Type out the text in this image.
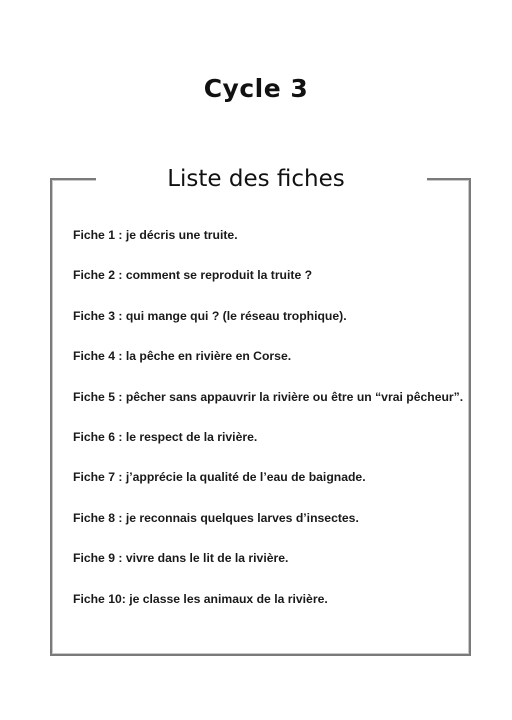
Cycle 3
Liste des fiches
Fiche 1 : je décris une truite.
Fiche 2 : comment se reproduit la truite ?
Fiche 3 : qui mange qui ? (le réseau trophique).
Fiche 4 : la pêche en rivière en Corse.
Fiche 5 : pêcher sans appauvrir la rivière ou être un “vrai pêcheur”.
Fiche 6 : le respect de la rivière.
Fiche 7 : j’apprécie la qualité de l’eau de baignade.
Fiche 8 : je reconnais quelques larves d’insectes.
Fiche 9 : vivre dans le lit de la rivière.
Fiche 10: je classe les animaux de la rivière.
